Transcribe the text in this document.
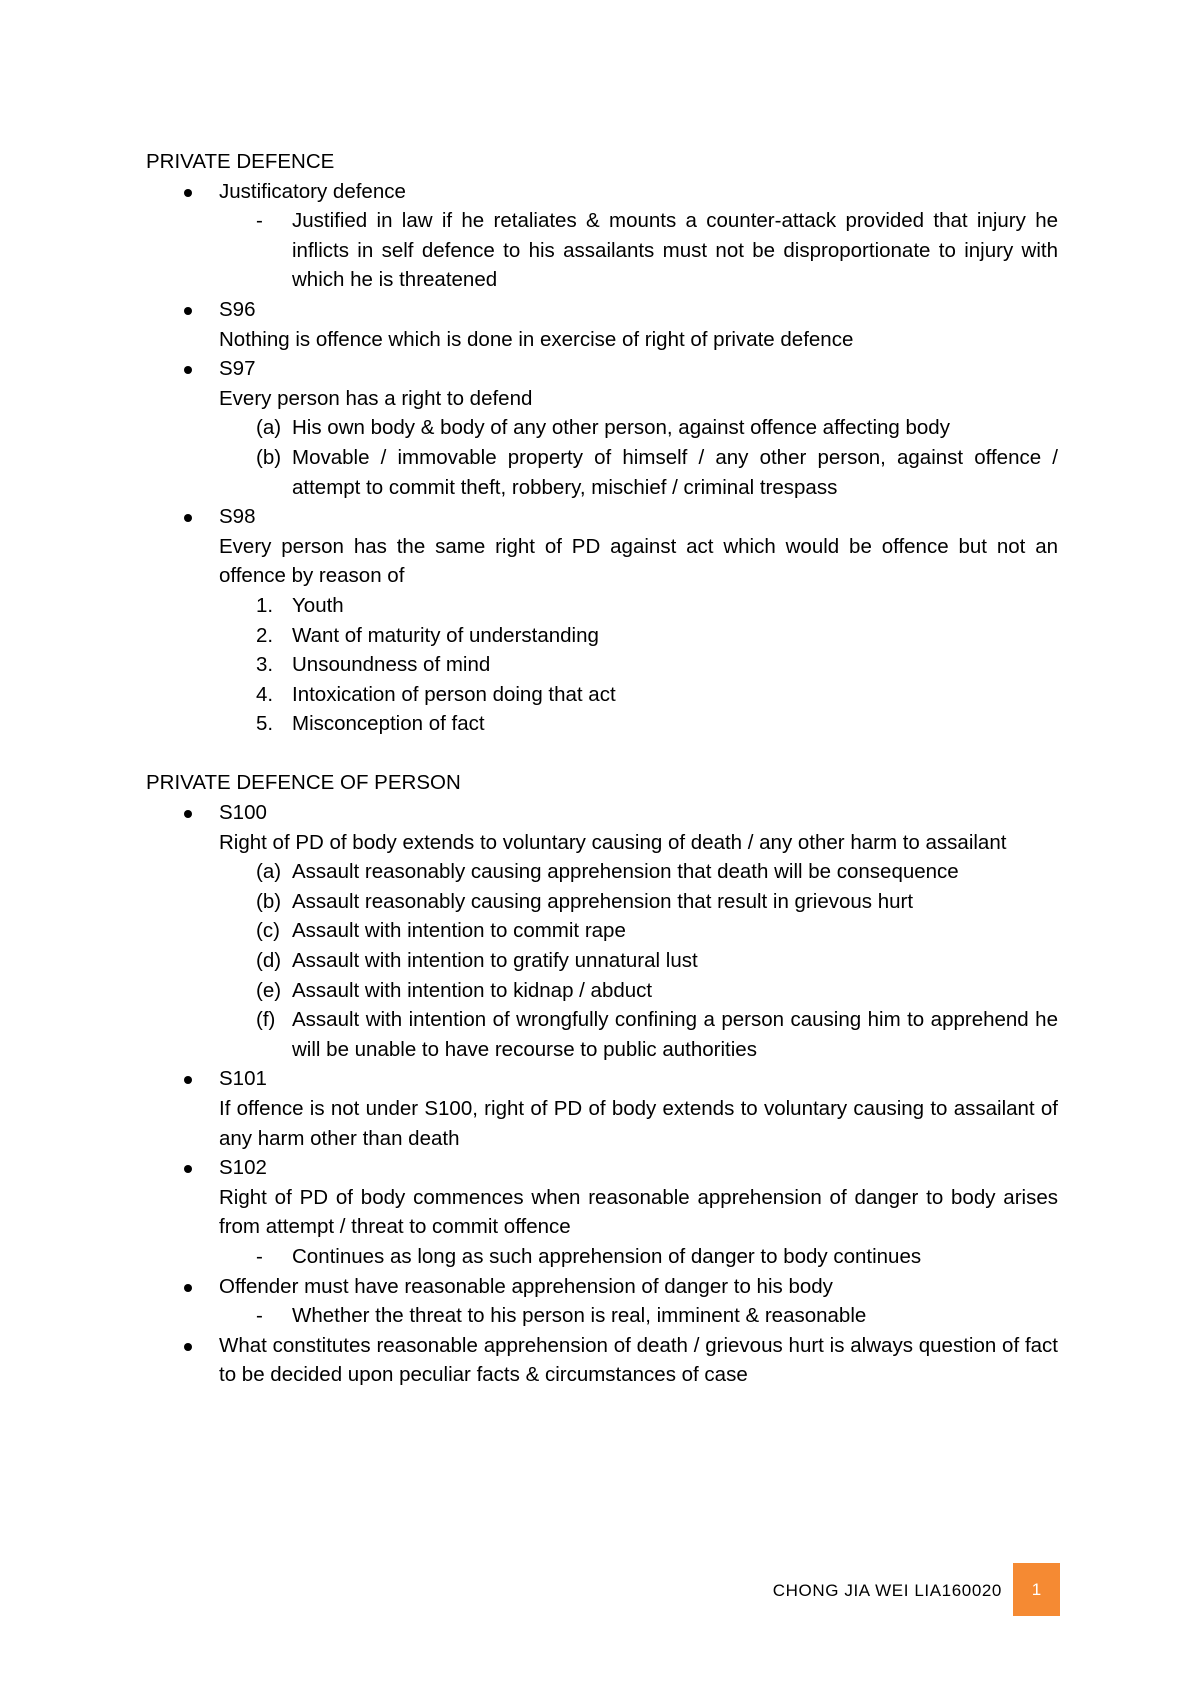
PRIVATE DEFENCE
Justificatory defence
- Justified in law if he retaliates & mounts a counter-attack provided that injury he inflicts in self defence to his assailants must not be disproportionate to injury with which he is threatened
S96
Nothing is offence which is done in exercise of right of private defence
S97
Every person has a right to defend
(a) His own body & body of any other person, against offence affecting body
(b) Movable / immovable property of himself / any other person, against offence / attempt to commit theft, robbery, mischief / criminal trespass
S98
Every person has the same right of PD against act which would be offence but not an offence by reason of
1. Youth
2. Want of maturity of understanding
3. Unsoundness of mind
4. Intoxication of person doing that act
5. Misconception of fact
PRIVATE DEFENCE OF PERSON
S100
Right of PD of body extends to voluntary causing of death / any other harm to assailant
(a) Assault reasonably causing apprehension that death will be consequence
(b) Assault reasonably causing apprehension that result in grievous hurt
(c) Assault with intention to commit rape
(d) Assault with intention to gratify unnatural lust
(e) Assault with intention to kidnap / abduct
(f) Assault with intention of wrongfully confining a person causing him to apprehend he will be unable to have recourse to public authorities
S101
If offence is not under S100, right of PD of body extends to voluntary causing to assailant of any harm other than death
S102
Right of PD of body commences when reasonable apprehension of danger to body arises from attempt / threat to commit offence
- Continues as long as such apprehension of danger to body continues
Offender must have reasonable apprehension of danger to his body
- Whether the threat to his person is real, imminent & reasonable
What constitutes reasonable apprehension of death / grievous hurt is always question of fact to be decided upon peculiar facts & circumstances of case
CHONG JIA WEI LIA160020 1
